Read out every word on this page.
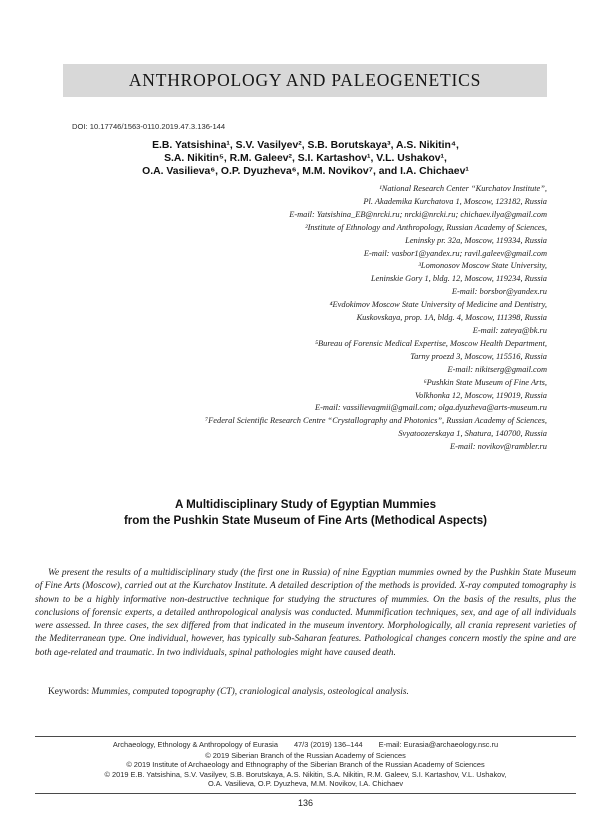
ANTHROPOLOGY AND PALEOGENETICS
DOI: 10.17746/1563-0110.2019.47.3.136-144
E.B. Yatsishina¹, S.V. Vasilyev², S.B. Borutskaya³, A.S. Nikitin⁴,
S.A. Nikitin⁵, R.M. Galeev², S.I. Kartashov¹, V.L. Ushakov¹,
O.A. Vasilieva⁶, O.P. Dyuzheva⁶, M.M. Novikov⁷, and I.A. Chichaev¹
¹National Research Center “Kurchatov Institute”,
Pl. Akademika Kurchatova 1, Moscow, 123182, Russia
E-mail: Yatsishina_EB@nrcki.ru; nrcki@nrcki.ru; chichaev.ilya@gmail.com
²Institute of Ethnology and Anthropology, Russian Academy of Sciences,
Leninsky pr. 32a, Moscow, 119334, Russia
E-mail: vasbor1@yandex.ru; ravil.galeev@gmail.com
³Lomonosov Moscow State University,
Leninskie Gory 1, bldg. 12, Moscow, 119234, Russia
E-mail: borsbor@yandex.ru
⁴Evdokimov Moscow State University of Medicine and Dentistry,
Kuskovskaya, prop. 1A, bldg. 4, Moscow, 111398, Russia
E-mail: zateya@bk.ru
⁵Bureau of Forensic Medical Expertise, Moscow Health Department,
Tarny proezd 3, Moscow, 115516, Russia
E-mail: nikitserg@gmail.com
⁶Pushkin State Museum of Fine Arts,
Volkhonka 12, Moscow, 119019, Russia
E-mail: vassilievagmii@gmail.com; olga.dyuzheva@arts-museum.ru
⁷Federal Scientific Research Centre “Crystallography and Photonics”, Russian Academy of Sciences,
Svyatoozerskaya 1, Shatura, 140700, Russia
E-mail: novikov@rambler.ru
A Multidisciplinary Study of Egyptian Mummies
from the Pushkin State Museum of Fine Arts (Methodical Aspects)
We present the results of a multidisciplinary study (the first one in Russia) of nine Egyptian mummies owned by the Pushkin State Museum of Fine Arts (Moscow), carried out at the Kurchatov Institute. A detailed description of the methods is provided. X-ray computed tomography is shown to be a highly informative non-destructive technique for studying the structures of mummies. On the basis of the results, plus the conclusions of forensic experts, a detailed anthropological analysis was conducted. Mummification techniques, sex, and age of all individuals were assessed. In three cases, the sex differed from that indicated in the museum inventory. Morphologically, all crania represent varieties of the Mediterranean type. One individual, however, has typically sub-Saharan features. Pathological changes concern mostly the spine and are both age-related and traumatic. In two individuals, spinal pathologies might have caused death.
Keywords: Mummies, computed topography (CT), craniological analysis, osteological analysis.
Archaeology, Ethnology & Anthropology of Eurasia 47/3 (2019) 136–144 E-mail: Eurasia@archaeology.nsc.ru
© 2019 Siberian Branch of the Russian Academy of Sciences
© 2019 Institute of Archaeology and Ethnography of the Siberian Branch of the Russian Academy of Sciences
© 2019 E.B. Yatsishina, S.V. Vasilyev, S.B. Borutskaya, A.S. Nikitin, S.A. Nikitin, R.M. Galeev, S.I. Kartashov, V.L. Ushakov,
O.A. Vasilieva, O.P. Dyuzheva, M.M. Novikov, I.A. Chichaev
136
